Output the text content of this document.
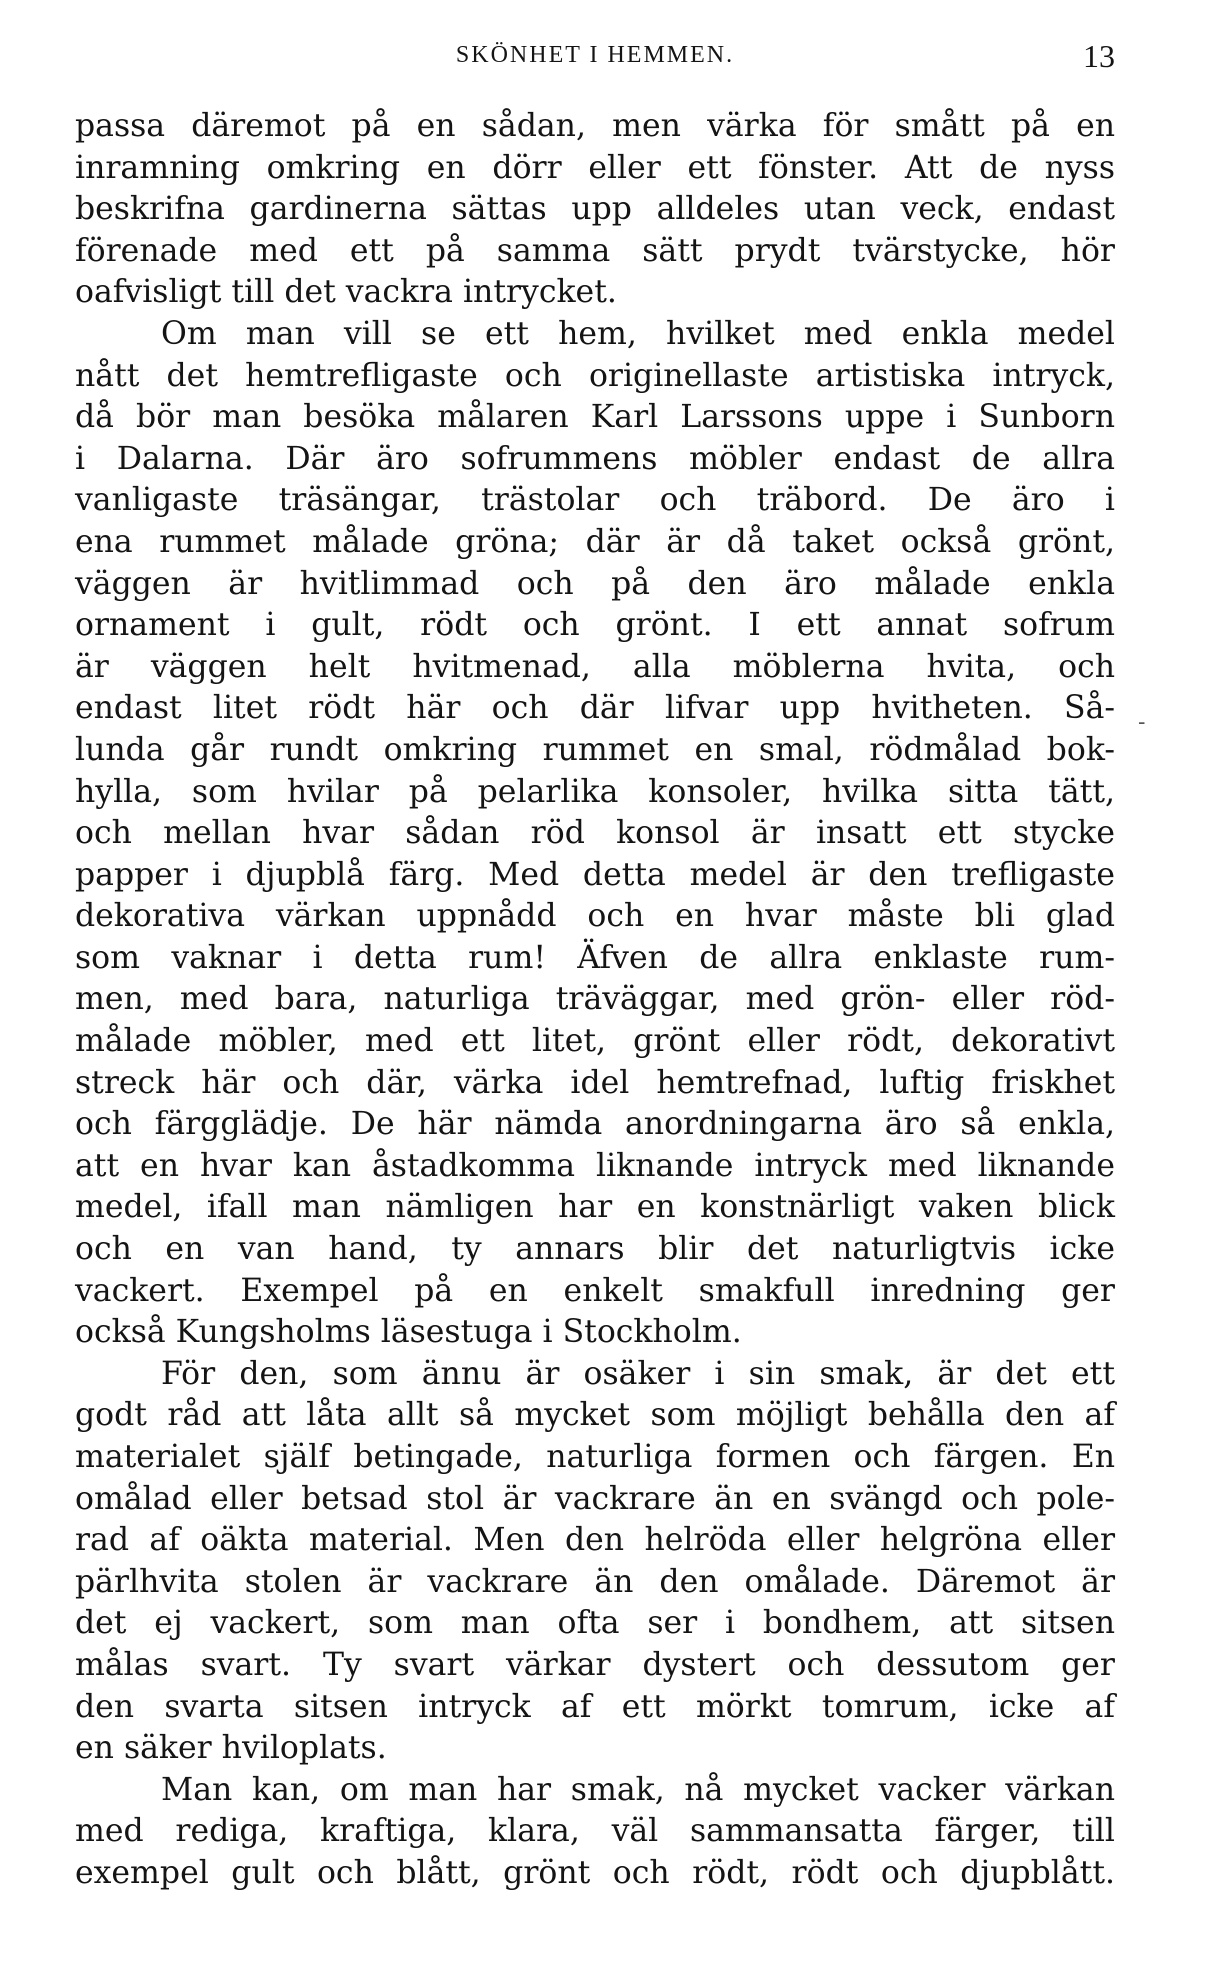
SKÖNHET I HEMMEN.	13
-
passa däremot på en sådan, men värka för smått på en
inramning omkring en dörr eller ett fönster. Att de nyss
beskrifna gardinerna sättas upp alldeles utan veck, endast
förenade med ett på samma sätt prydt tvärstycke, hör
oafvisligt till det vackra intrycket.
Om man vill se ett hem, hvilket med enkla medel
nått det hemtrefligaste och originellaste artistiska intryck,
då bör man besöka målaren Karl Larssons uppe i Sunborn
i Dalarna. Där äro sofrummens möbler endast de allra
vanligaste träsängar, trästolar och träbord. De äro i
ena rummet målade gröna; där är då taket också grönt,
väggen är hvitlimmad och på den äro målade enkla
ornament i gult, rödt och grönt. I ett annat sofrum
är väggen helt hvitmenad, alla möblerna hvita, och
endast litet rödt här och där lifvar upp hvitheten. Så-
lunda går rundt omkring rummet en smal, rödmålad bok-
hylla, som hvilar på pelarlika konsoler, hvilka sitta tätt,
och mellan hvar sådan röd konsol är insatt ett stycke
papper i djupblå färg. Med detta medel är den trefligaste
dekorativa värkan uppnådd och en hvar måste bli glad
som vaknar i detta rum! Äfven de allra enklaste rum-
men, med bara, naturliga träväggar, med grön- eller röd-
målade möbler, med ett litet, grönt eller rödt, dekorativt
streck här och där, värka idel hemtrefnad, luftig friskhet
och färgglädje. De här nämda anordningarna äro så enkla,
att en hvar kan åstadkomma liknande intryck med liknande
medel, ifall man nämligen har en konstnärligt vaken blick
och en van hand, ty annars blir det naturligtvis icke
vackert. Exempel på en enkelt smakfull inredning ger
också Kungsholms läsestuga i Stockholm.
För den, som ännu är osäker i sin smak, är det ett
godt råd att låta allt så mycket som möjligt behålla den af
materialet själf betingade, naturliga formen och färgen. En
omålad eller betsad stol är vackrare än en svängd och pole-
rad af oäkta material. Men den helröda eller helgröna eller
pärlhvita stolen är vackrare än den omålade. Däremot är
det ej vackert, som man ofta ser i bondhem, att sitsen
målas svart. Ty svart värkar dystert och dessutom ger
den svarta sitsen intryck af ett mörkt tomrum, icke af
en säker hviloplats.
Man kan, om man har smak, nå mycket vacker värkan
med rediga, kraftiga, klara, väl sammansatta färger, till
exempel gult och blått, grönt och rödt, rödt och djupblått.
